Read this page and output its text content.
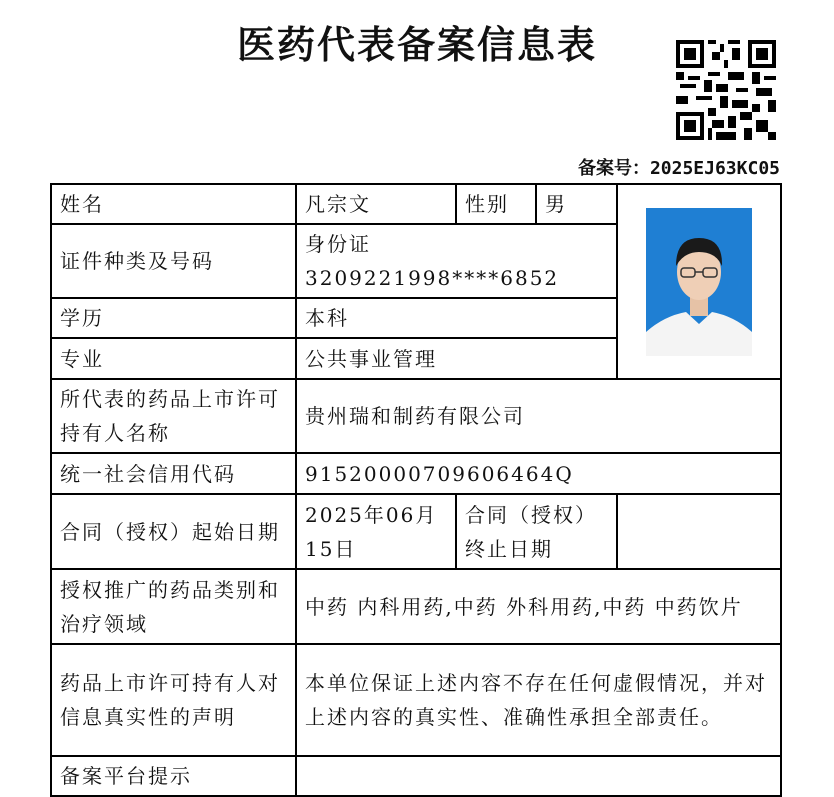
医药代表备案信息表
备案号：2025EJ63KC05
姓名	凡宗文	性别	男	

证件种类及号码	身份证 3209221998****6852			
学历	本科			
专业	公共事业管理			
所代表的药品上市许可持有人名称	贵州瑞和制药有限公司			
统一社会信用代码	91520000709606464Q			
合同（授权）起始日期	2025年06月15日	合同（授权）终止日期		
授权推广的药品类别和治疗领域	中药 内科用药,中药 外科用药,中药 中药饮片			
药品上市许可持有人对信息真实性的声明	本单位保证上述内容不存在任何虚假情况，并对上述内容的真实性、准确性承担全部责任。			
备案平台提示				
